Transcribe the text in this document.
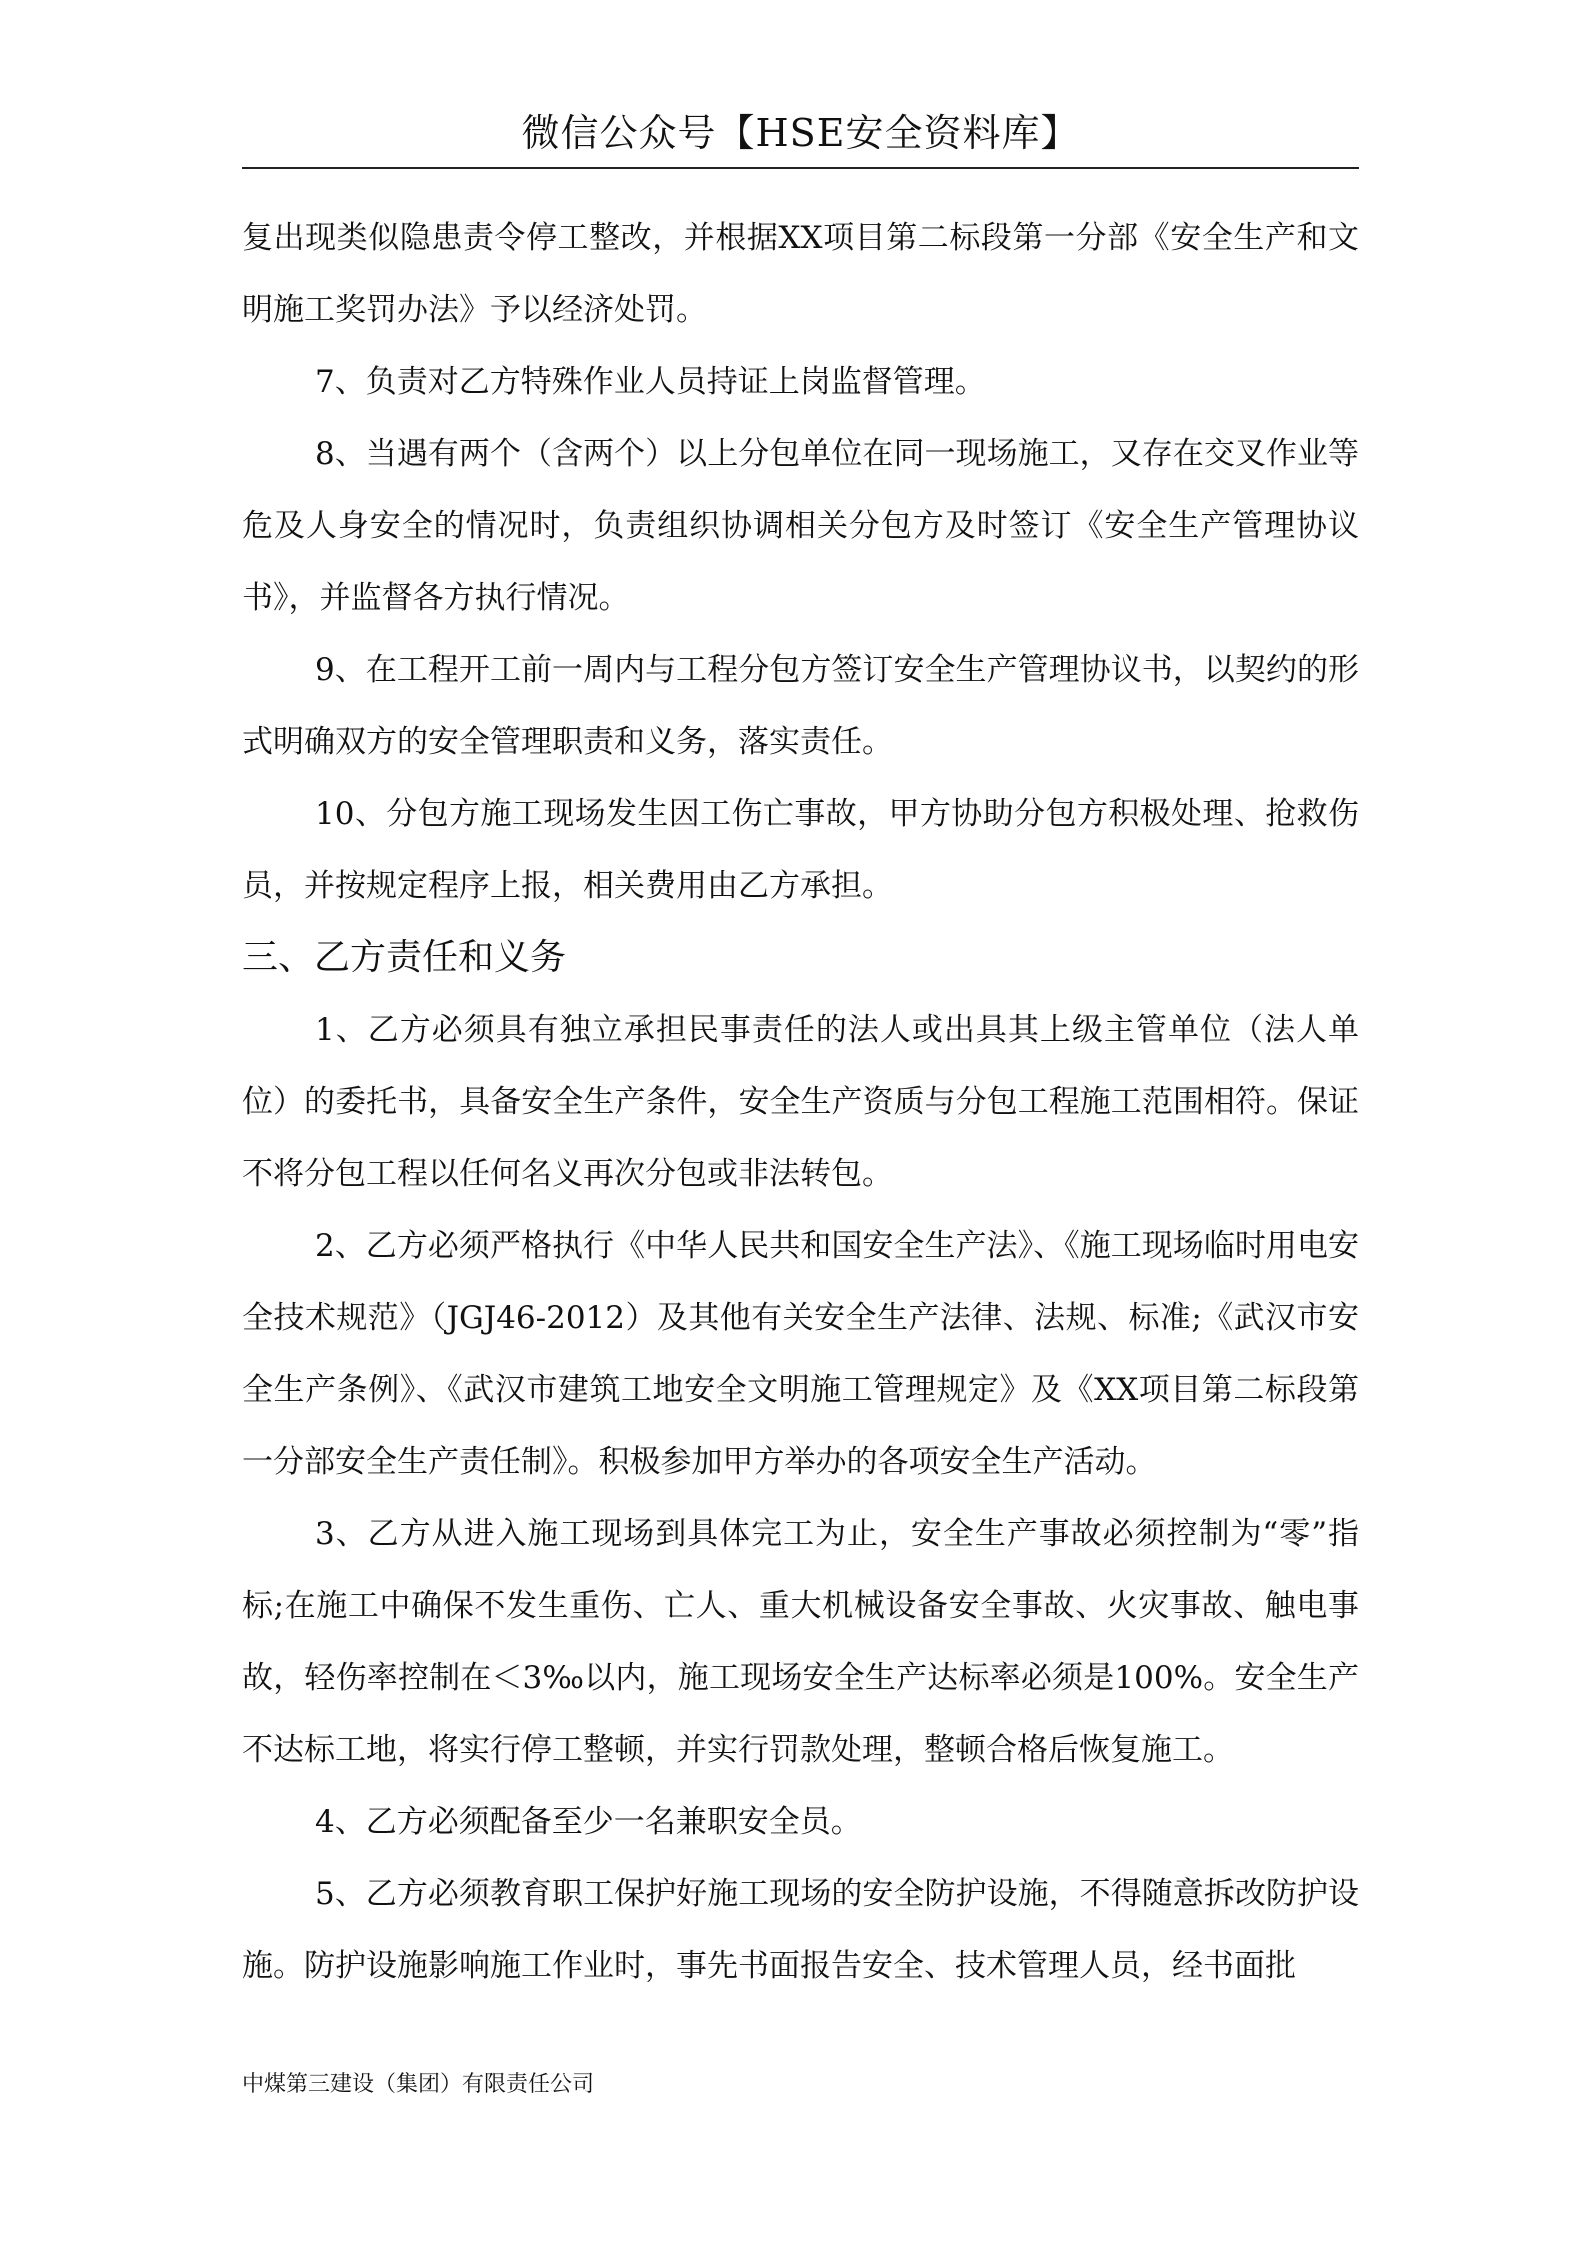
微信公众号【HSE安全资料库】

复出现类似隐患责令停工整改，并根据XX项目第二标段第一分部《安全生产和文明施工奖罚办法》予以经济处罚。

7、负责对乙方特殊作业人员持证上岗监督管理。

8、当遇有两个（含两个）以上分包单位在同一现场施工，又存在交叉作业等危及人身安全的情况时，负责组织协调相关分包方及时签订《安全生产管理协议书》，并监督各方执行情况。

9、在工程开工前一周内与工程分包方签订安全生产管理协议书，以契约的形式明确双方的安全管理职责和义务，落实责任。

10、分包方施工现场发生因工伤亡事故，甲方协助分包方积极处理、抢救伤员，并按规定程序上报，相关费用由乙方承担。

三、乙方责任和义务

1、乙方必须具有独立承担民事责任的法人或出具其上级主管单位（法人单位）的委托书，具备安全生产条件，安全生产资质与分包工程施工范围相符。保证不将分包工程以任何名义再次分包或非法转包。

2、乙方必须严格执行《中华人民共和国安全生产法》、《施工现场临时用电安全技术规范》（JGJ46-2012）及其他有关安全生产法律、法规、标准;《武汉市安全生产条例》、《武汉市建筑工地安全文明施工管理规定》及《XX项目第二标段第一分部安全生产责任制》。积极参加甲方举办的各项安全生产活动。

3、乙方从进入施工现场到具体完工为止，安全生产事故必须控制为“零”指标;在施工中确保不发生重伤、亡人、重大机械设备安全事故、火灾事故、触电事故，轻伤率控制在＜3‰以内，施工现场安全生产达标率必须是100%。安全生产不达标工地，将实行停工整顿，并实行罚款处理，整顿合格后恢复施工。

4、乙方必须配备至少一名兼职安全员。

5、乙方必须教育职工保护好施工现场的安全防护设施，不得随意拆改防护设施。防护设施影响施工作业时，事先书面报告安全、技术管理人员，经书面批

中煤第三建设（集团）有限责任公司
